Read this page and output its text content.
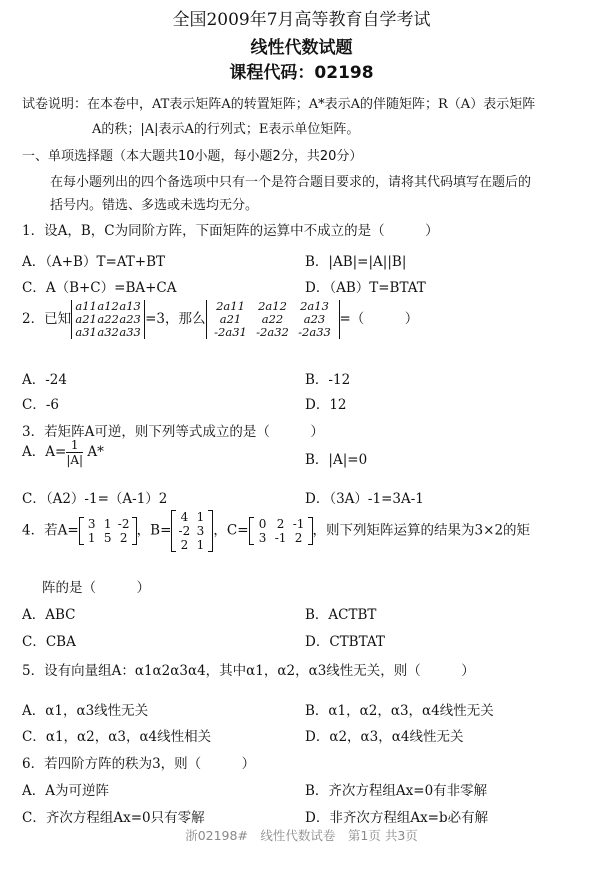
全国2009年7月高等教育自学考试
线性代数试题
课程代码：02198
试卷说明：在本卷中，AT表示矩阵A的转置矩阵；A*表示A的伴随矩阵；R（A）表示矩阵
A的秩；|A|表示A的行列式；E表示单位矩阵。
一、单项选择题（本大题共10小题，每小题2分，共20分）
在每小题列出的四个备选项中只有一个是符合题目要求的，请将其代码填写在题后的
括号内。错选、多选或未选均无分。
1．设A，B，C为同阶方阵，下面矩阵的运算中不成立的是（　　　）
A．（A+B）T=AT+BT	B．|AB|=|A||B|
C．A（B+C）=BA+CA	D．（AB）T=BTAT
2．已知
a11a12a13
a21a22a23
a31a32a33
=3，那么
2a11 2a12 2a13
a21 a22 a23
-2a31 -2a32 -2a33
=（　　　）
A．-24	B．-12
C．-6	D．12
3．若矩阵A可逆，则下列等式成立的是（　　　）
A．$A= \frac{1}{|A|} A*$	B．|A|=0
C．（A2）-1=（A-1）2	D．（3A）-1=3A-1
4．若A= 3 1 -2
1 5 2 ，B=
4 1
-2 3
2 1
，C= 0 2 -1
3 -1 2 ，则下列矩阵运算的结果为3×2的矩
阵的是（　　　）
A．ABC	B．ACTBT
C．CBA	D．CTBTAT
5．设有向量组A：α1α2α3α4，其中α1，α2，α3线性无关，则（　　　）
A．α1，α3线性无关	B．α1，α2，α3，α4线性无关
C．α1，α2，α3，α4线性相关	D．α2，α3，α4线性无关
6．若四阶方阵的秩为3，则（　　　）
A．A为可逆阵	B．齐次方程组Ax=0有非零解
C．齐次方程组Ax=0只有零解	D．非齐次方程组Ax=b必有解
浙02198#　线性代数试卷　第1页 共3页
